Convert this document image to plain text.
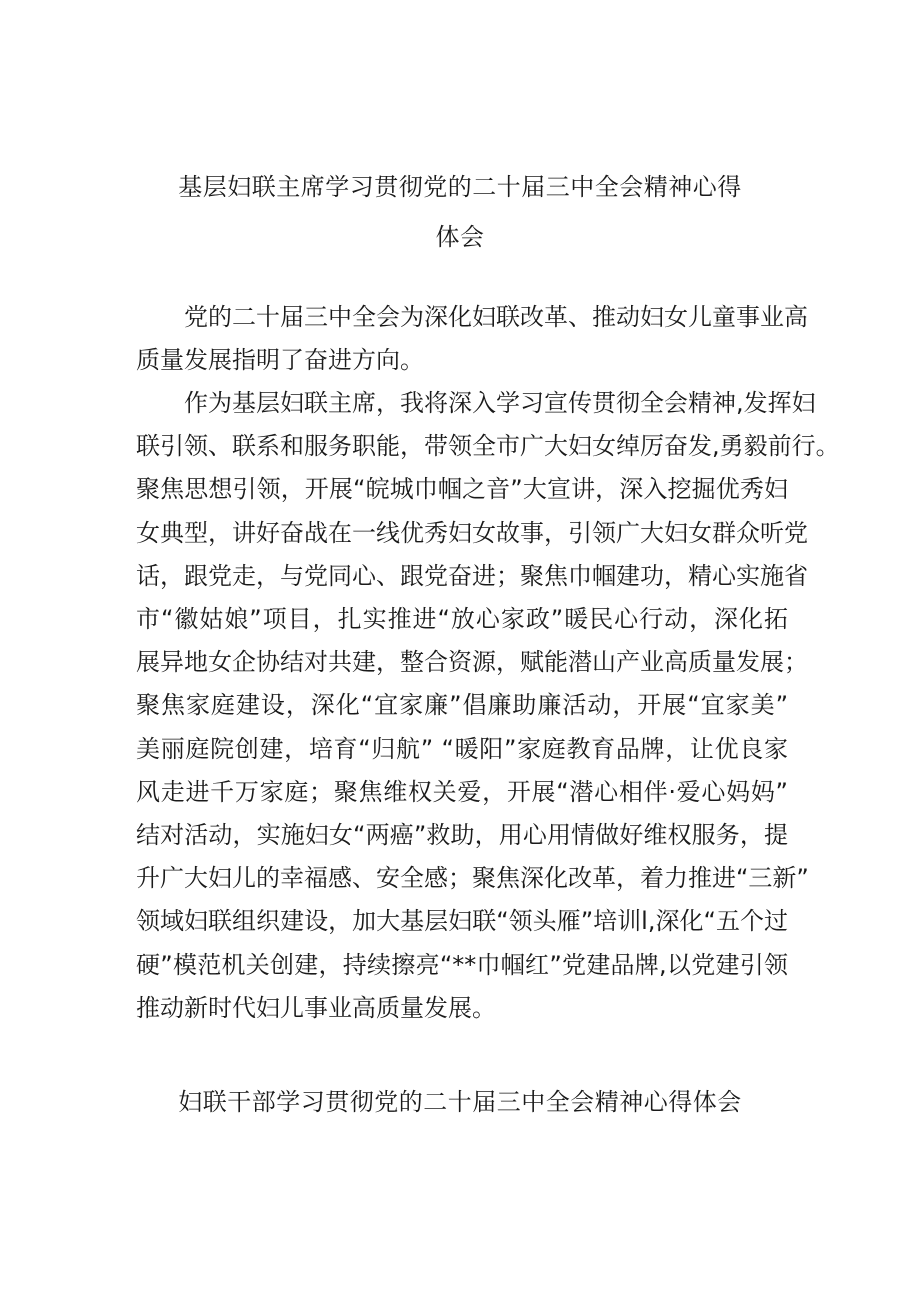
基层妇联主席学习贯彻党的二十届三中全会精神心得
体会
党的二十届三中全会为深化妇联改革、推动妇女儿童事业高
质量发展指明了奋进方向。
作为基层妇联主席，我将深入学习宣传贯彻全会精神,发挥妇
联引领、联系和服务职能，带领全市广大妇女绰厉奋发,勇毅前行。
聚焦思想引领，开展“皖城巾帼之音”大宣讲，深入挖掘优秀妇
女典型，讲好奋战在一线优秀妇女故事，引领广大妇女群众听党
话，跟党走，与党同心、跟党奋进；聚焦巾帼建功，精心实施省
市“徽姑娘”项目，扎实推进“放心家政”暖民心行动，深化拓
展异地女企协结对共建，整合资源，赋能潜山产业高质量发展；
聚焦家庭建设，深化“宜家廉”倡廉助廉活动，开展“宜家美”
美丽庭院创建，培育“归航” “暖阳”家庭教育品牌，让优良家
风走进千万家庭；聚焦维权关爱，开展“潜心相伴·爱心妈妈”
结对活动，实施妇女“两癌”救助，用心用情做好维权服务，提
升广大妇儿的幸福感、安全感；聚焦深化改革，着力推进“三新”
领域妇联组织建设，加大基层妇联“领头雁”培训l,深化“五个过
硬”模范机关创建，持续擦亮“**巾帼红”党建品牌,以党建引领
推动新时代妇儿事业高质量发展。
妇联干部学习贯彻党的二十届三中全会精神心得体会
